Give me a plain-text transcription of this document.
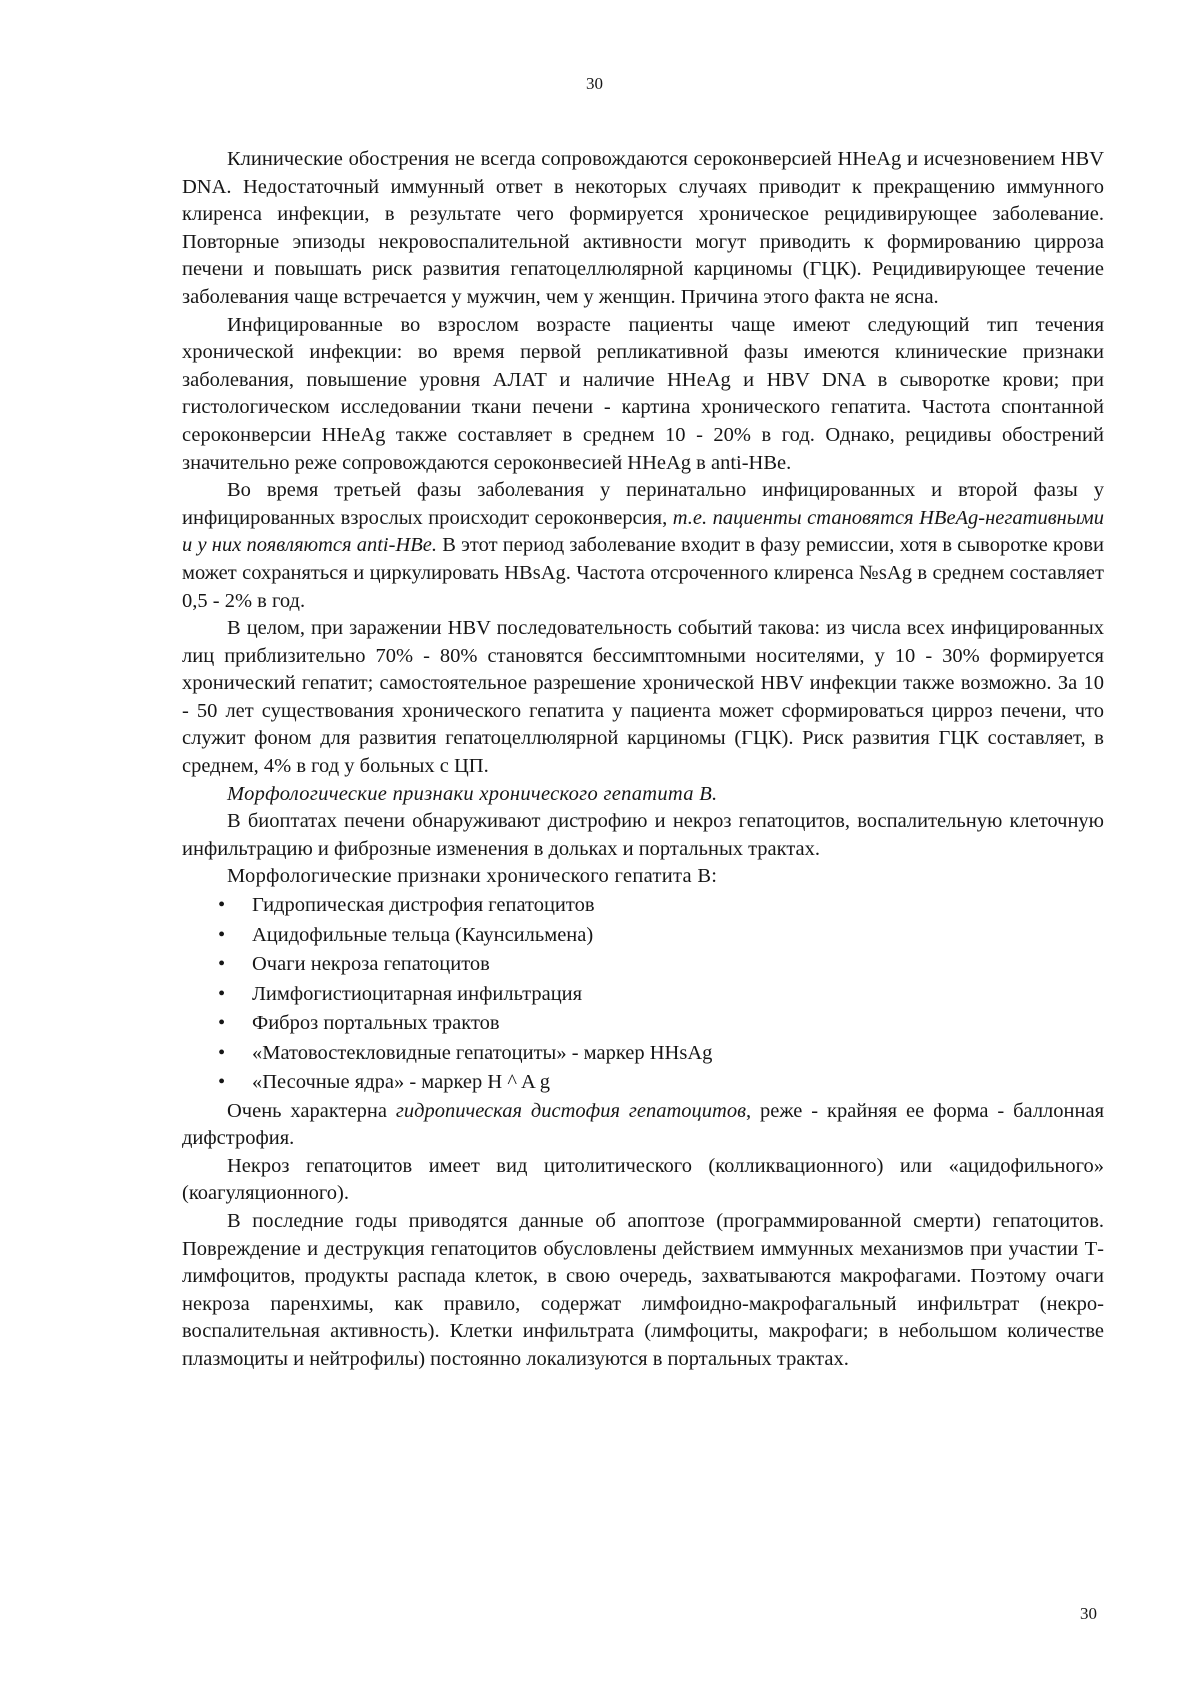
30

Клинические обострения не всегда сопровождаются сероконверсией HHeAg и исчезновением HBV DNA. Недостаточный иммунный ответ в некоторых случаях приводит к прекращению иммунного клиренса инфекции, в результате чего формируется хроническое рецидивирующее заболевание. Повторные эпизоды некровоспалительной активности могут приводить к формированию цирроза печени и повышать риск развития гепатоцеллюлярной карциномы (ГЦК). Рецидивирующее течение заболевания чаще встречается у мужчин, чем у женщин. Причина этого факта не ясна.

Инфицированные во взрослом возрасте пациенты чаще имеют следующий тип течения хронической инфекции: во время первой репликативной фазы имеются клинические признаки заболевания, повышение уровня АЛАТ и наличие HHeAg и HBV DNA в сыворотке крови; при гистологическом исследовании ткани печени - картина хронического гепатита. Частота спонтанной сероконверсии HHeAg также составляет в среднем 10 - 20% в год. Однако, рецидивы обострений значительно реже сопровождаются сероконвесией HHeAg в anti-HBe.

Во время третьей фазы заболевания у перинатально инфицированных и второй фазы у инфицированных взрослых происходит сероконверсия, т.е. пациенты становятся HBeAg-негативными и у них появляются anti-HBe. В этот период заболевание входит в фазу ремиссии, хотя в сыворотке крови может сохраняться и циркулировать HBsAg. Частота отсроченного клиренса №sAg в среднем составляет 0,5 - 2% в год.

В целом, при заражении HBV последовательность событий такова: из числа всех инфицированных лиц приблизительно 70% - 80% становятся бессимптомными носителями, у 10 - 30% формируется хронический гепатит; самостоятельное разрешение хронической HBV инфекции также возможно. За 10 - 50 лет существования хронического гепатита у пациента может сформироваться цирроз печени, что служит фоном для развития гепатоцеллюлярной карциномы (ГЦК). Риск развития ГЦК составляет, в среднем, 4% в год у больных с ЦП.

Морфологические признаки хронического гепатита В.

В биоптатах печени обнаруживают дистрофию и некроз гепатоцитов, воспалительную клеточную инфильтрацию и фиброзные изменения в дольках и портальных трактах.

Морфологические признаки хронического гепатита В:

• Гидропическая дистрофия гепатоцитов
• Ацидофильные тельца (Каунсильмена)
• Очаги некроза гепатоцитов
• Лимфогистиоцитарная инфильтрация
• Фиброз портальных трактов
• «Матовостекловидные гепатоциты» - маркер HHsAg
• «Песочные ядра» - маркер H ^ A g

Очень характерна гидропическая дистофия гепатоцитов, реже - крайняя ее форма - баллонная дифстрофия.

Некроз гепатоцитов имеет вид цитолитического (колликвационного) или «ацидофильного» (коагуляционного).

В последние годы приводятся данные об апоптозе (программированной смерти) гепатоцитов. Повреждение и деструкция гепатоцитов обусловлены действием иммунных механизмов при участии Т-лимфоцитов, продукты распада клеток, в свою очередь, захватываются макрофагами. Поэтому очаги некроза паренхимы, как правило, содержат лимфоидно-макрофагальный инфильтрат (некро-воспалительная активность). Клетки инфильтрата (лимфоциты, макрофаги; в небольшом количестве плазмоциты и нейтрофилы) постоянно локализуются в портальных трактах.

30
